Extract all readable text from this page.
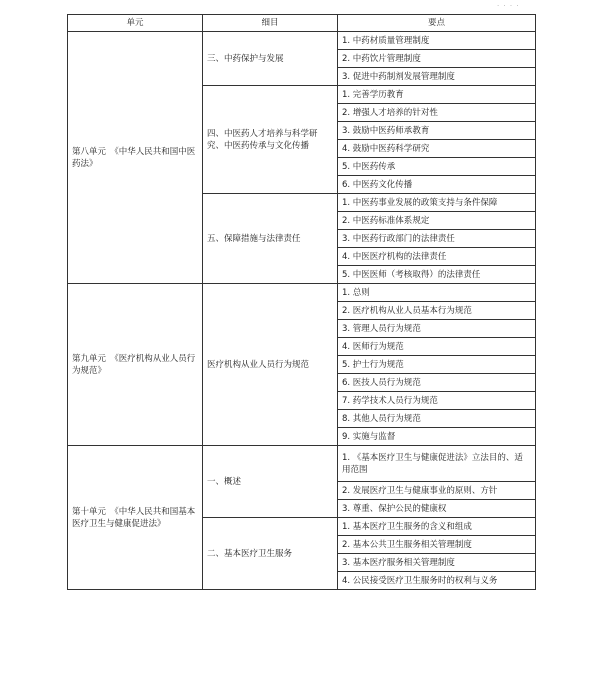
· · · ·
单元	细目	要点
第八单元　《中华人民共和国中医药法》	三、中药保护与发展	1. 中药材质量管理制度
		2. 中药饮片管理制度
		3. 促进中药制剂发展管理制度
	四、中医药人才培养与科学研究、中医药传承与文化传播	1. 完善学历教育
		2. 增强人才培养的针对性
		3. 鼓励中医药师承教育
		4. 鼓励中医药科学研究
		5. 中医药传承
		6. 中医药文化传播
	五、保障措施与法律责任	1. 中医药事业发展的政策支持与条件保障
		2. 中医药标准体系规定
		3. 中医药行政部门的法律责任
		4. 中医医疗机构的法律责任
		5. 中医医师（考核取得）的法律责任
第九单元　《医疗机构从业人员行为规范》	医疗机构从业人员行为规范	1. 总则
		2. 医疗机构从业人员基本行为规范
		3. 管理人员行为规范
		4. 医师行为规范
		5. 护士行为规范
		6. 医技人员行为规范
		7. 药学技术人员行为规范
		8. 其他人员行为规范
		9. 实施与监督
第十单元　《中华人民共和国基本医疗卫生与健康促进法》	一、概述	1. 《基本医疗卫生与健康促进法》立法目的、适用范围
		2. 发展医疗卫生与健康事业的原则、方针
		3. 尊重、保护公民的健康权
	二、基本医疗卫生服务	1. 基本医疗卫生服务的含义和组成
		2. 基本公共卫生服务相关管理制度
		3. 基本医疗服务相关管理制度
		4. 公民接受医疗卫生服务时的权利与义务
